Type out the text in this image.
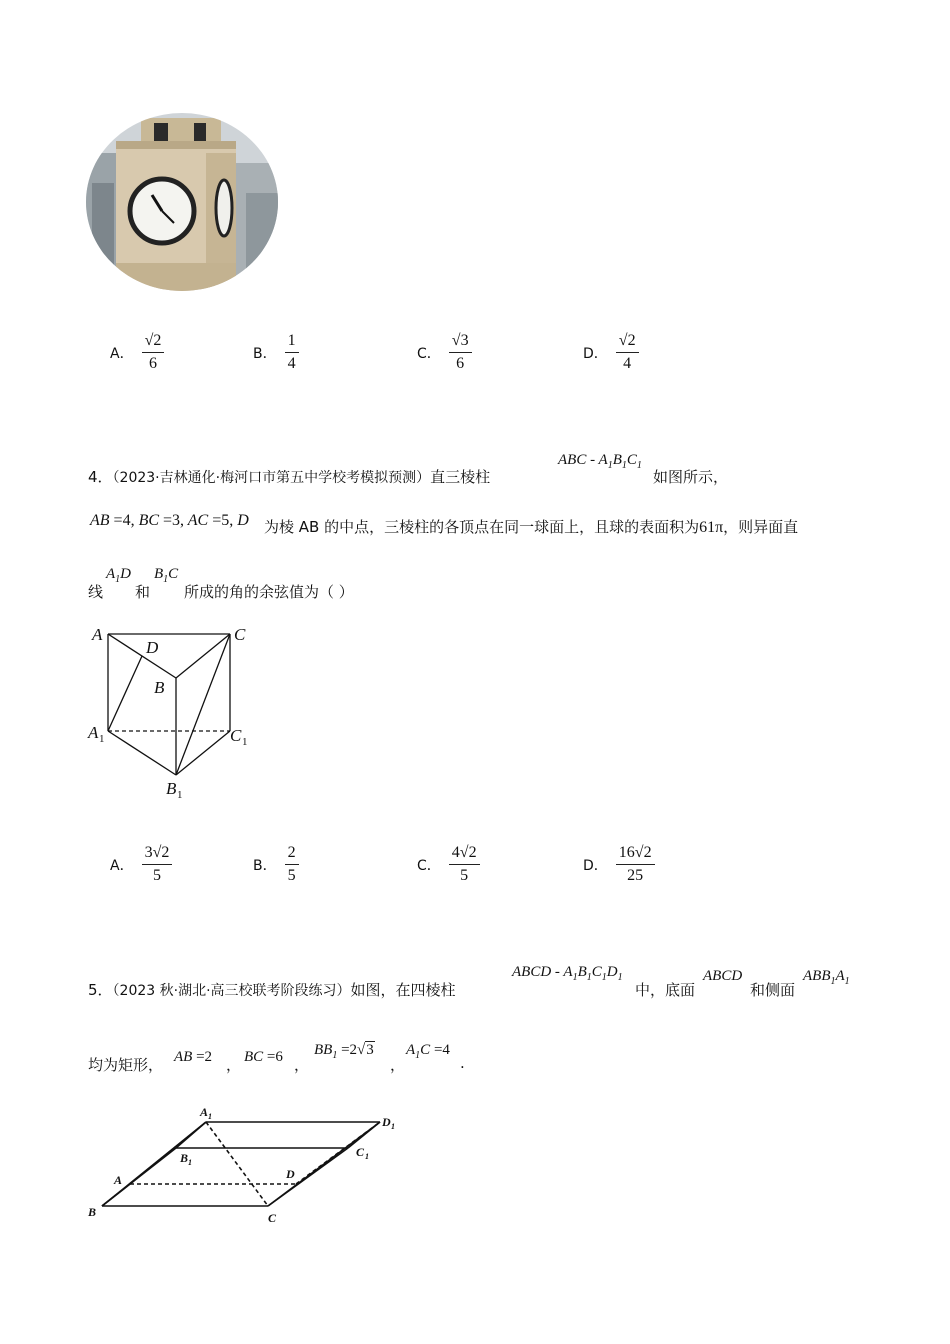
A． $\frac{√2}{6}$	B． $\frac{1}{4}$	C． $\frac{√3}{6}$	D． $\frac{√2}{4}$
4．（2023·吉林通化·梅河口市第五中学校考模拟预测）直三棱柱
ABC - $A_1B_1C_1$
如图所示，
AB =4, BC =3, AC =5, D 为棱 AB 的中点，三棱柱的各顶点在同一球面上，且球的表面积为61π，则异面直
线
$A_1D$
和
$B_1C$
所成的角的余弦值为（ ）
A	C
D
B
A 1	C 1
B 1
A． $\frac{3√2}{5}$	B． $\frac{2}{5}$	C． $\frac{4√2}{5}$	D． $\frac{16√2}{25}$
5．（2023 秋·湖北·高三校联考阶段练习）如图，在四棱柱
ABCD - $A_1B_1C_1D_1$
中，底面
ABCD
和侧面
$ABB_1A_1$
均为矩形， AB =2 ， BC =6 ，
$BB_1 =2√3$
，
$A_1C =4$
.
A 1	D 1
B 1
C 1
A	D
B	C
